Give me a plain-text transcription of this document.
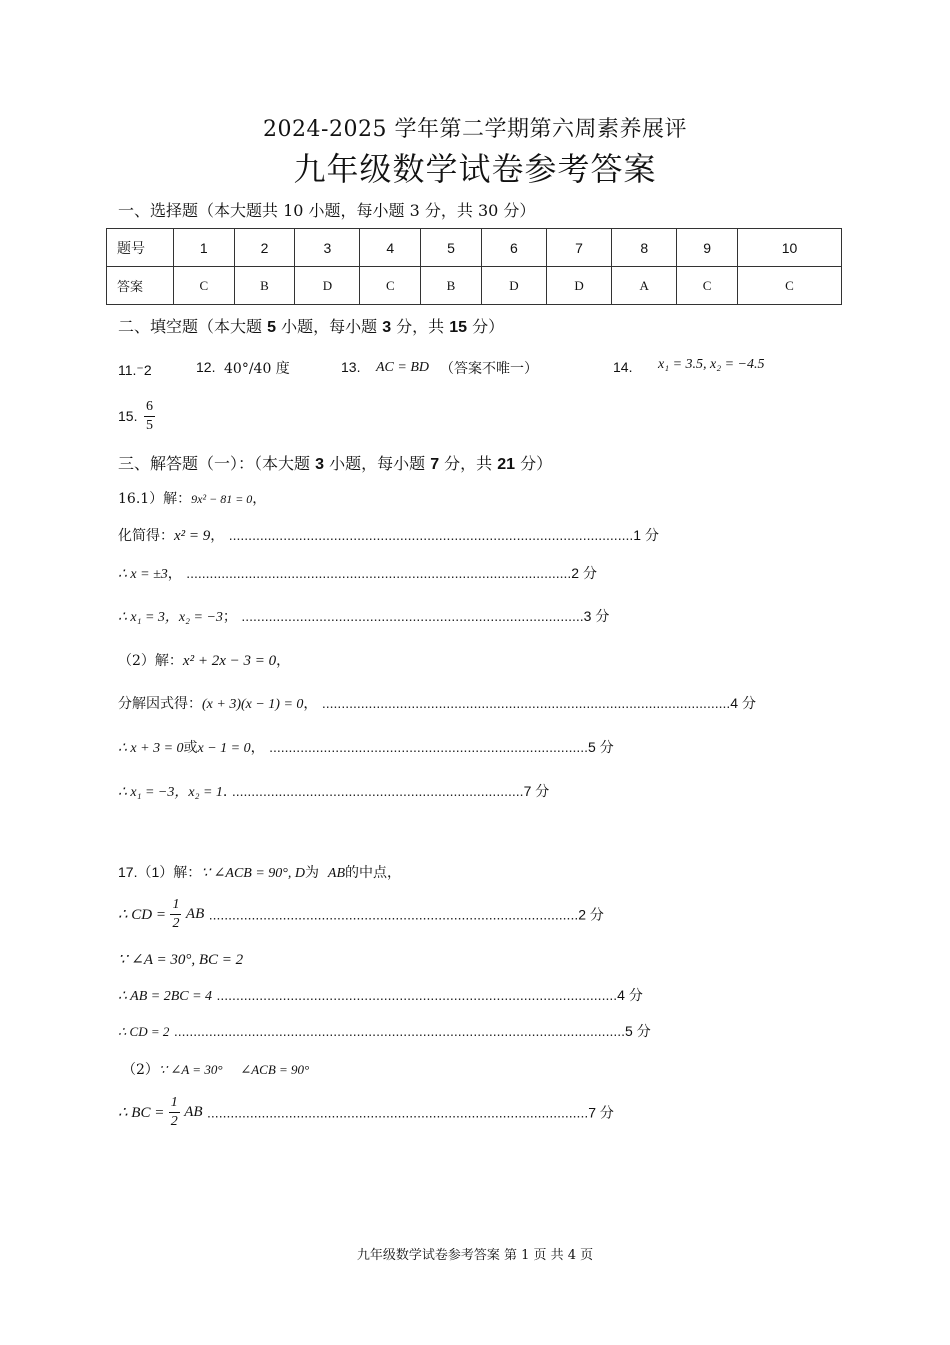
2024-2025 学年第二学期第六周素养展评
九年级数学试卷参考答案
一、选择题（本大题共 10 小题，每小题 3 分，共 30 分）
题号	1	2	3	4	5	6	7	8	9	10
答案	C	B	D	C	B	D	D	A	C	C
二、填空题（本大题 5 小题，每小题 3 分，共 15 分）
11.⁻2	12. 40°/40 度	13. AC = BD （答案不唯一）	14. x₁ = 3.5, x₂ = −4.5
15. $\frac{6}{5}$
三、解答题（一）：（本大题 3 小题，每小题 7 分，共 21 分）
16.1）解：9x² − 81 = 0，
化简得：x² = 9， ........................................................................................................1 分
∴ x = ±3， ...................................................................................................2 分
∴ x₁ = 3，x₂ = −3； ........................................................................................3 分
（2）解：x² + 2x − 3 = 0，
分解因式得：(x + 3)(x − 1) = 0， .........................................................................................................4 分
∴ x + 3 = 0或x − 1 = 0， ..................................................................................5 分
∴ x₁ = −3，x₂ = 1. ...........................................................................7 分
17.（1）解：∵ ∠ACB = 90°, D为 AB的中点，
∴ CD = $\frac{1}{2}$ AB ...............................................................................................2 分
∵ ∠A = 30°, BC = 2
∴ AB = 2BC = 4 .......................................................................................................4 分
∴ CD = 2 ....................................................................................................................5 分
（2）∵ ∠A = 30° ∠ACB = 90°
∴ BC = $\frac{1}{2}$ AB ..................................................................................................7 分
九年级数学试卷参考答案 第 1 页 共 4 页
